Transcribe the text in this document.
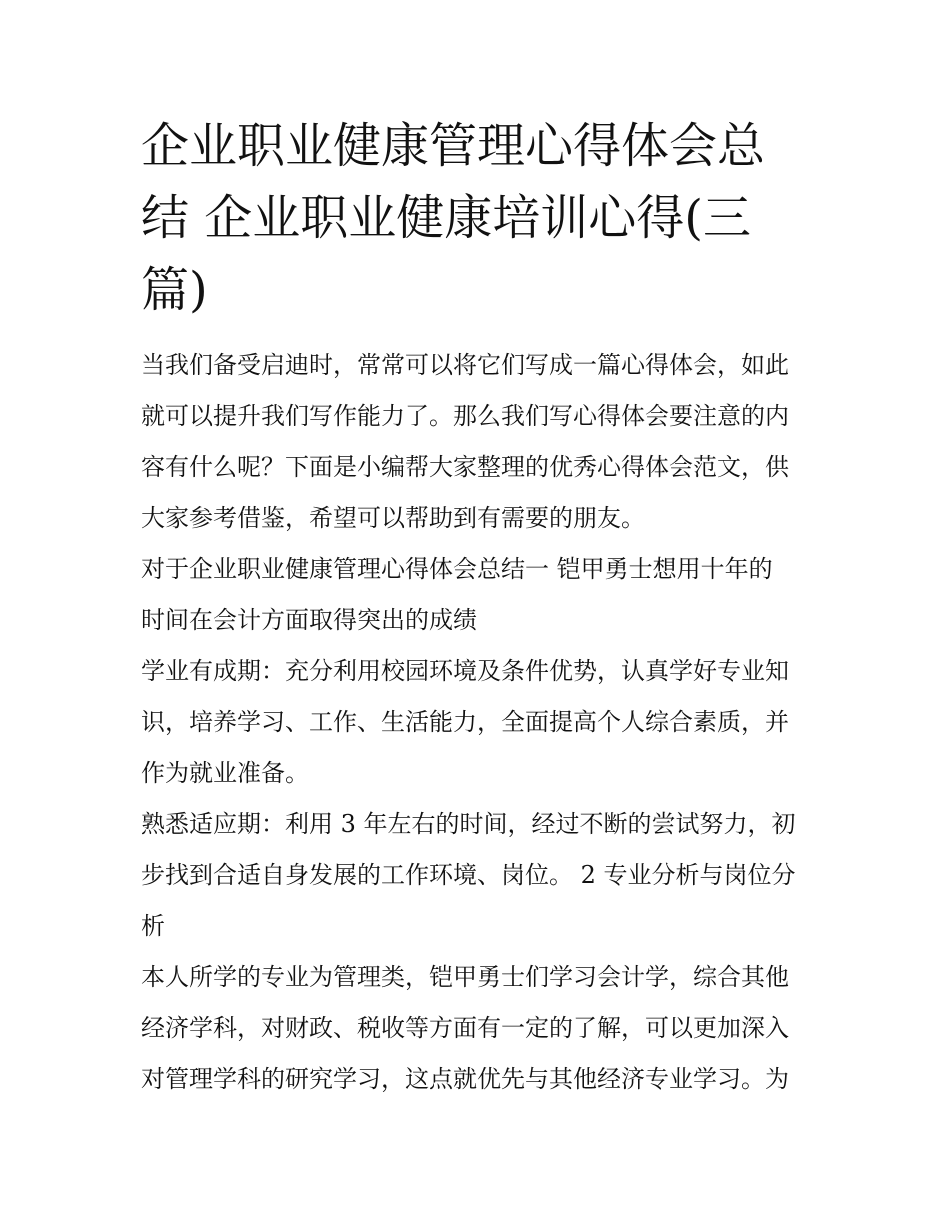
企业职业健康管理心得体会总
结 企业职业健康培训心得(三
篇)

当我们备受启迪时，常常可以将它们写成一篇心得体会，如此
就可以提升我们写作能力了。那么我们写心得体会要注意的内
容有什么呢？下面是小编帮大家整理的优秀心得体会范文，供
大家参考借鉴，希望可以帮助到有需要的朋友。

对于企业职业健康管理心得体会总结一 铠甲勇士想用十年的
时间在会计方面取得突出的成绩

学业有成期：充分利用校园环境及条件优势，认真学好专业知
识，培养学习、工作、生活能力，全面提高个人综合素质，并
作为就业准备。

熟悉适应期：利用 3 年左右的时间，经过不断的尝试努力，初
步找到合适自身发展的工作环境、岗位。 2 专业分析与岗位分
析

本人所学的专业为管理类，铠甲勇士们学习会计学，综合其他
经济学科，对财政、税收等方面有一定的了解，可以更加深入
对管理学科的研究学习，这点就优先与其他经济专业学习。为
